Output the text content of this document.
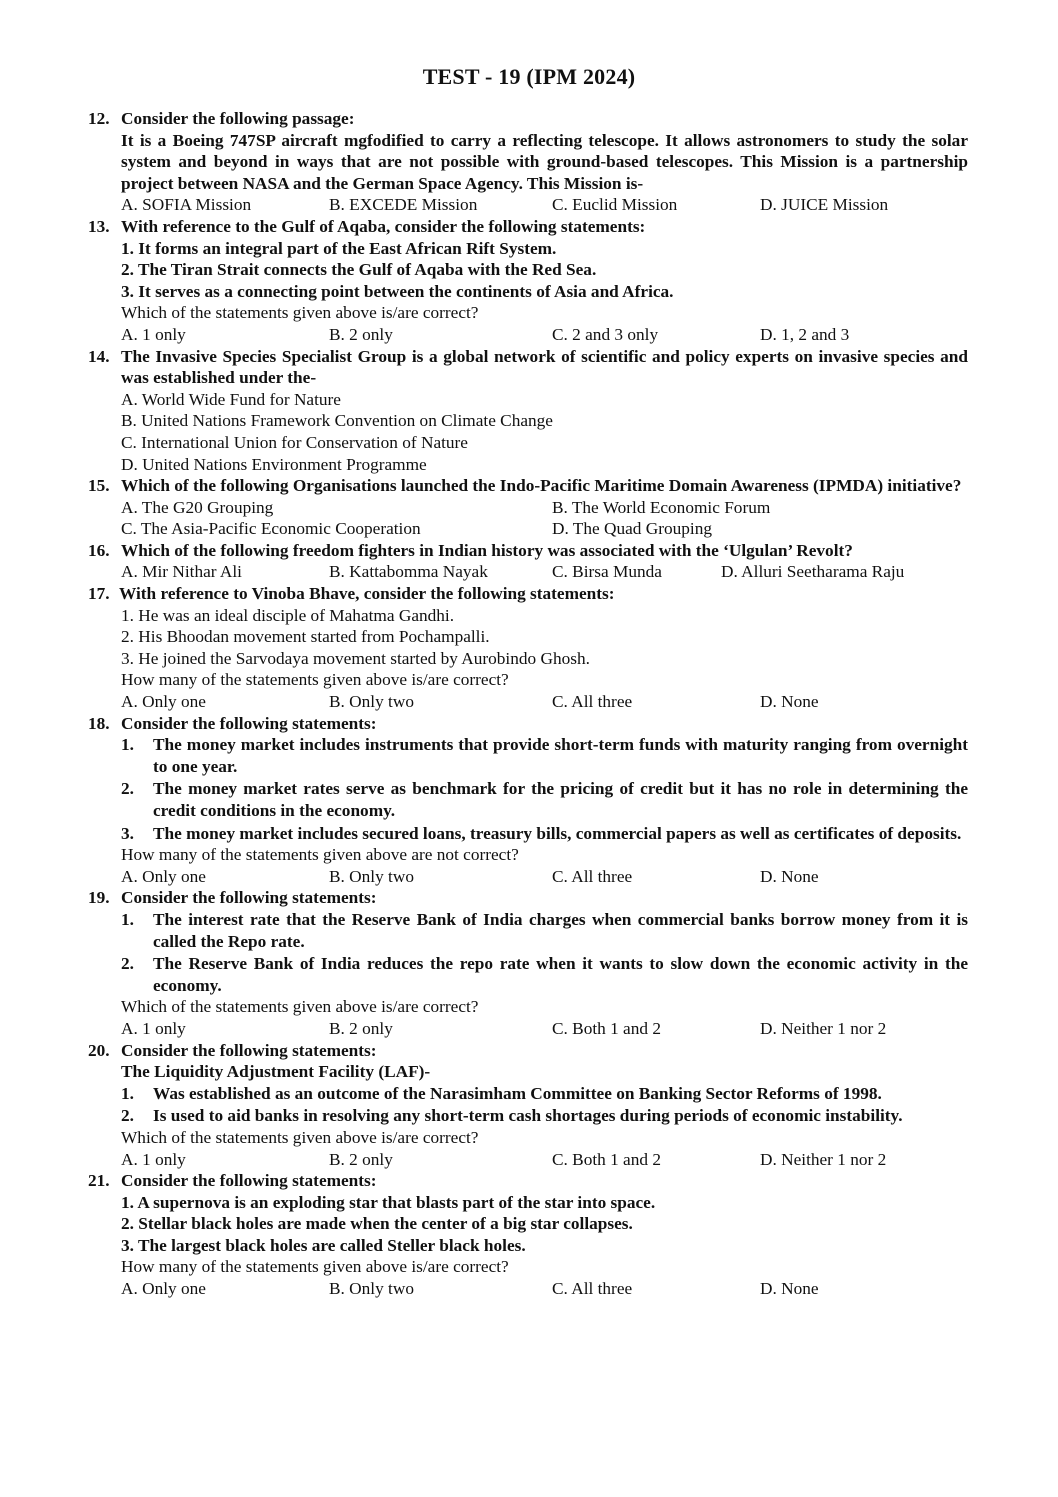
TEST - 19 (IPM 2024)
12. Consider the following passage:
It is a Boeing 747SP aircraft mgfodified to carry a reflecting telescope. It allows astronomers to study the solar system and beyond in ways that are not possible with ground-based telescopes. This Mission is a partnership project between NASA and the German Space Agency. This Mission is-
A. SOFIA Mission	B. EXCEDE Mission	C. Euclid Mission	D. JUICE Mission
13. With reference to the Gulf of Aqaba, consider the following statements:
1. It forms an integral part of the East African Rift System.
2. The Tiran Strait connects the Gulf of Aqaba with the Red Sea.
3. It serves as a connecting point between the continents of Asia and Africa.
Which of the statements given above is/are correct?
A. 1 only	B. 2 only	C. 2 and 3 only	D. 1, 2 and 3
14. The Invasive Species Specialist Group is a global network of scientific and policy experts on invasive species and was established under the-
A. World Wide Fund for Nature
B. United Nations Framework Convention on Climate Change
C. International Union for Conservation of Nature
D. United Nations Environment Programme
15. Which of the following Organisations launched the Indo-Pacific Maritime Domain Awareness (IPMDA) initiative?
A. The G20 Grouping	B. The World Economic Forum
C. The Asia-Pacific Economic Cooperation	D. The Quad Grouping
16. Which of the following freedom fighters in Indian history was associated with the ‘Ulgulan’ Revolt?
A. Mir Nithar Ali	B. Kattabomma Nayak	C. Birsa Munda	D. Alluri Seetharama Raju
17. With reference to Vinoba Bhave, consider the following statements:
1. He was an ideal disciple of Mahatma Gandhi.
2. His Bhoodan movement started from Pochampalli.
3. He joined the Sarvodaya movement started by Aurobindo Ghosh.
How many of the statements given above is/are correct?
A. Only one	B. Only two	C. All three	D. None
18. Consider the following statements:
1.	The money market includes instruments that provide short-term funds with maturity ranging from overnight to one year.
2.	The money market rates serve as benchmark for the pricing of credit but it has no role in determining the credit conditions in the economy.
3.	The money market includes secured loans, treasury bills, commercial papers as well as certificates of deposits.
How many of the statements given above are not correct?
A. Only one	B. Only two	C. All three	D. None
19. Consider the following statements:
1.	The interest rate that the Reserve Bank of India charges when commercial banks borrow money from it is called the Repo rate.
2.	The Reserve Bank of India reduces the repo rate when it wants to slow down the economic activity in the economy.
Which of the statements given above is/are correct?
A. 1 only	B. 2 only	C. Both 1 and 2	D. Neither 1 nor 2
20. Consider the following statements:
The Liquidity Adjustment Facility (LAF)-
1.	Was established as an outcome of the Narasimham Committee on Banking Sector Reforms of 1998.
2.	Is used to aid banks in resolving any short-term cash shortages during periods of economic instability.
Which of the statements given above is/are correct?
A. 1 only	B. 2 only	C. Both 1 and 2	D. Neither 1 nor 2
21. Consider the following statements:
1. A supernova is an exploding star that blasts part of the star into space.
2. Stellar black holes are made when the center of a big star collapses.
3. The largest black holes are called Steller black holes.
How many of the statements given above is/are correct?
A. Only one	B. Only two	C. All three	D. None
